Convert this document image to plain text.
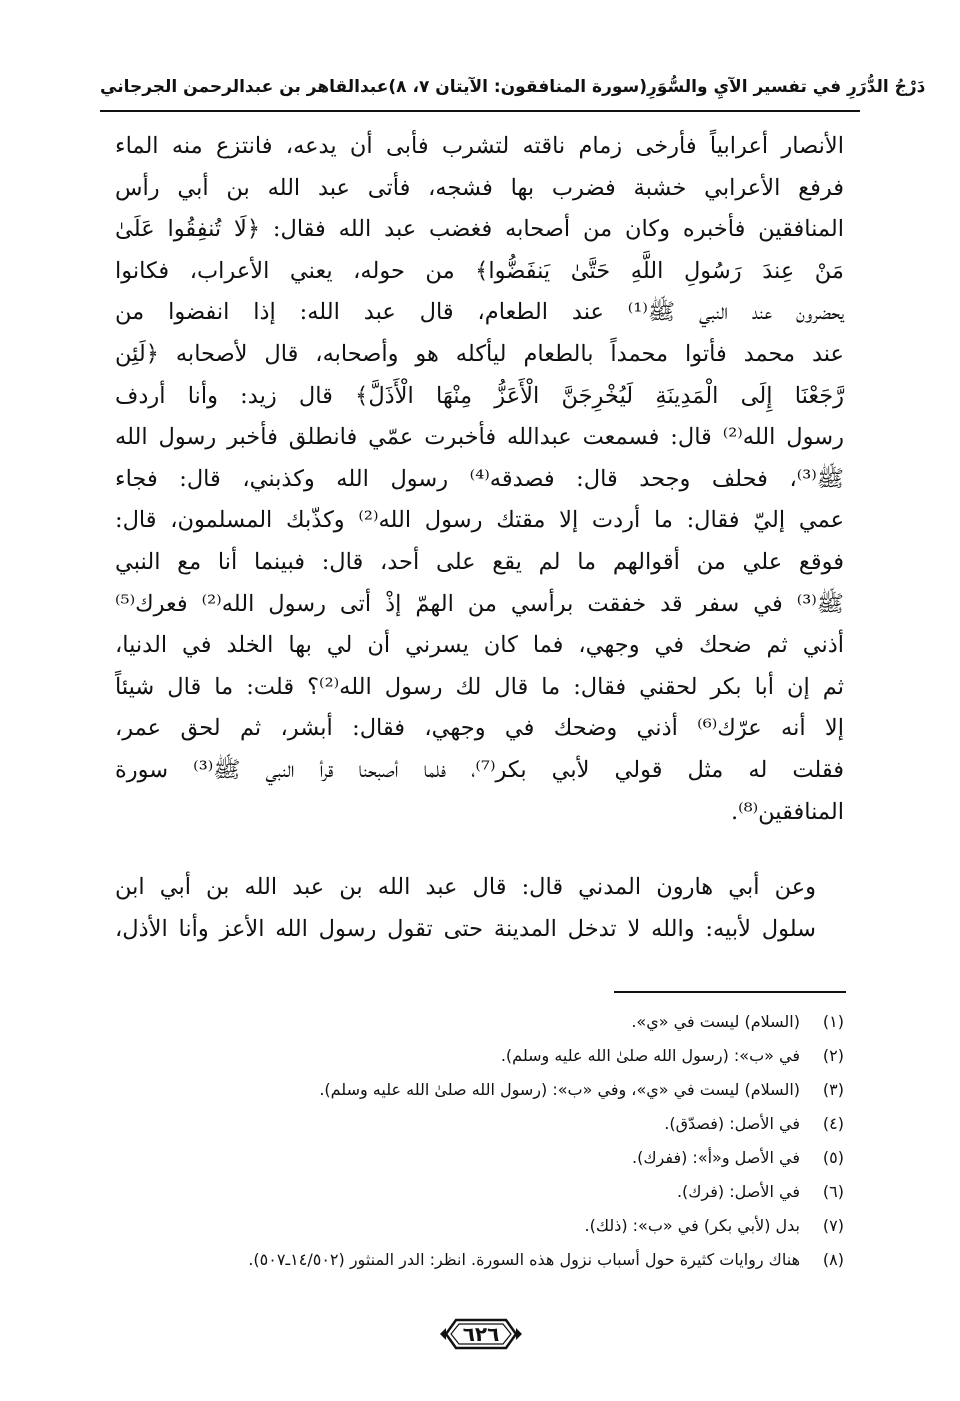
عبدالقاهر بن عبدالرحمن الجرجاني (سورة المنافقون: الآيتان ٧، ٨) دَرْجُ الدُّرَرِ في تفسير الآيِ والسُّوَرِ

الأنصار أعرابياً فأرخى زمام ناقته لتشرب فأبى أن يدعه، فانتزع منه الماء
فرفع الأعرابي خشبة فضرب بها فشجه، فأتى عبد الله بن أبي رأس
المنافقين فأخبره وكان من أصحابه فغضب عبد الله فقال: ﴿لَا تُنفِقُوا عَلَىٰ
مَنْ عِندَ رَسُولِ اللَّهِ حَتَّىٰ يَنفَضُّوا﴾ من حوله، يعني الأعراب، فكانوا
يحضرون عند النبي ﷺ⁽¹⁾ عند الطعام، قال عبد الله: إذا انفضوا من
عند محمد فأتوا محمداً بالطعام ليأكله هو وأصحابه، قال لأصحابه ﴿لَئِن
رَّجَعْنَا إِلَى الْمَدِينَةِ لَيُخْرِجَنَّ الْأَعَزُّ مِنْهَا الْأَذَلَّ﴾ قال زيد: وأنا أردف
رسول الله⁽²⁾ قال: فسمعت عبدالله فأخبرت عمّي فانطلق فأخبر رسول الله
ﷺ⁽³⁾، فحلف وجحد قال: فصدقه⁽⁴⁾ رسول الله وكذبني، قال: فجاء
عمي إليّ فقال: ما أردت إلا مقتك رسول الله⁽²⁾ وكذّبك المسلمون، قال:
فوقع علي من أقوالهم ما لم يقع على أحد، قال: فبينما أنا مع النبي
ﷺ⁽³⁾ في سفر قد خفقت برأسي من الهمّ إذْ أتى رسول الله⁽²⁾ فعرك⁽⁵⁾
أذني ثم ضحك في وجهي، فما كان يسرني أن لي بها الخلد في الدنيا،
ثم إن أبا بكر لحقني فقال: ما قال لك رسول الله⁽²⁾؟ قلت: ما قال شيئاً
إلا أنه عرّك⁽⁶⁾ أذني وضحك في وجهي، فقال: أبشر، ثم لحق عمر،
فقلت له مثل قولي لأبي بكر⁽⁷⁾، فلما أصبحنا قرأ النبي ﷺ⁽³⁾ سورة
المنافقين⁽⁸⁾.

وعن أبي هارون المدني قال: قال عبد الله بن عبد الله بن أبي ابن
سلول لأبيه: والله لا تدخل المدينة حتى تقول رسول الله الأعز وأنا الأذل،

(١)(السلام) ليست في «ي».
(٢)في «ب»: (رسول الله صلىٰ الله عليه وسلم).
(٣)(السلام) ليست في «ي»، وفي «ب»: (رسول الله صلىٰ الله عليه وسلم).
(٤)في الأصل: (فصدّق).
(٥)في الأصل و«أ»: (ففرك).
(٦)في الأصل: (فرك).
(٧)بدل (لأبي بكر) في «ب»: (ذلك).
(٨)هناك روايات كثيرة حول أسباب نزول هذه السورة. انظر: الدر المنثور (١٤/٥٠٢ـ٥٠٧).
٦٢٦
